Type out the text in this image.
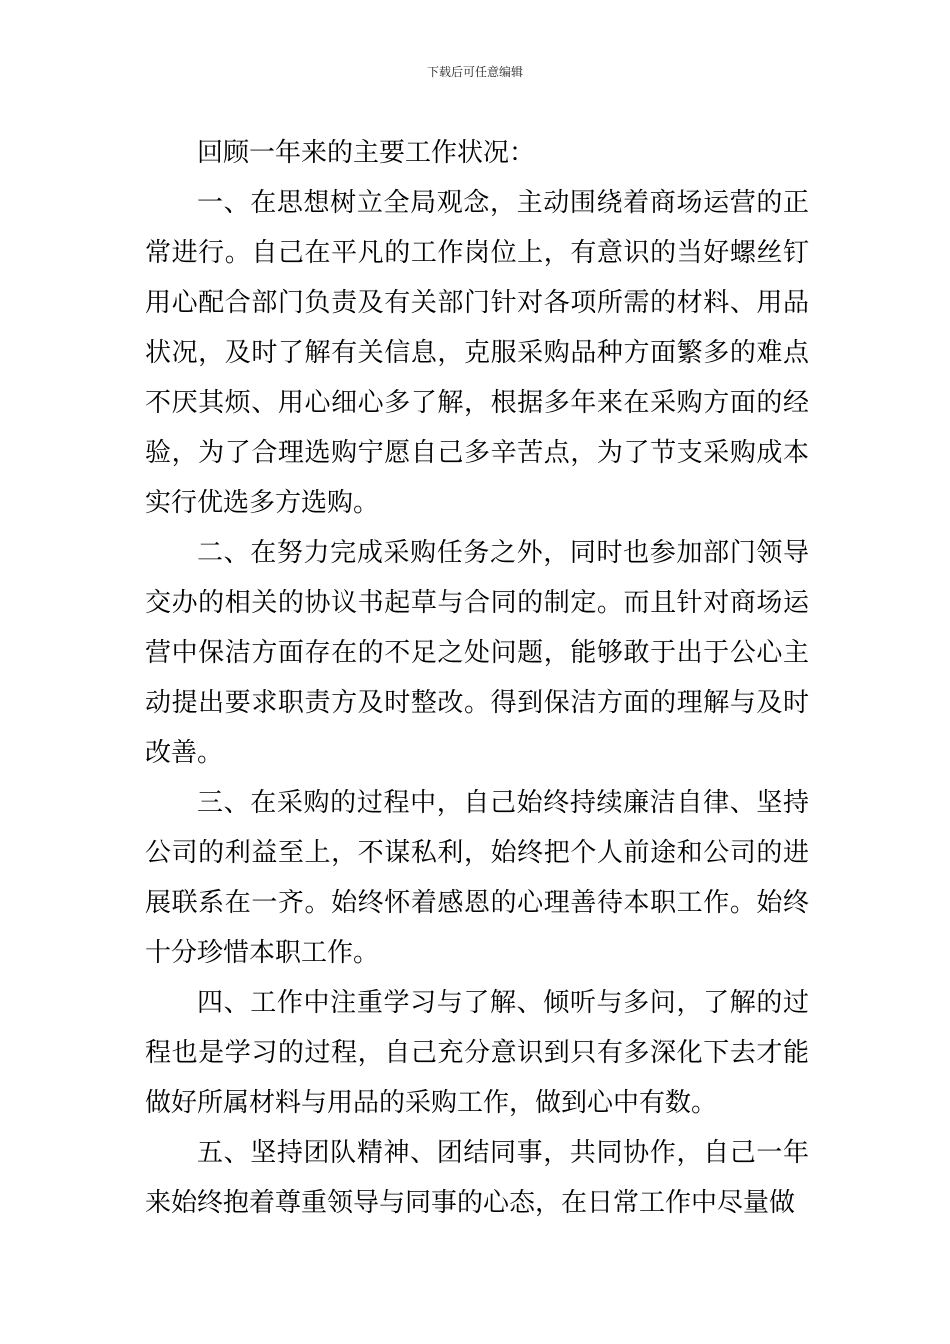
下载后可任意编辑

回顾一年来的主要工作状况：

一、在思想树立全局观念，主动围绕着商场运营的正常进行。自己在平凡的工作岗位上，有意识的当好螺丝钉用心配合部门负责及有关部门针对各项所需的材料、用品状况，及时了解有关信息，克服采购品种方面繁多的难点不厌其烦、用心细心多了解，根据多年来在采购方面的经验，为了合理选购宁愿自己多辛苦点，为了节支采购成本实行优选多方选购。

二、在努力完成采购任务之外，同时也参加部门领导交办的相关的协议书起草与合同的制定。而且针对商场运营中保洁方面存在的不足之处问题，能够敢于出于公心主动提出要求职责方及时整改。得到保洁方面的理解与及时改善。

三、在采购的过程中，自己始终持续廉洁自律、坚持公司的利益至上，不谋私利，始终把个人前途和公司的进展联系在一齐。始终怀着感恩的心理善待本职工作。始终十分珍惜本职工作。

四、工作中注重学习与了解、倾听与多问，了解的过程也是学习的过程，自己充分意识到只有多深化下去才能做好所属材料与用品的采购工作，做到心中有数。

五、坚持团队精神、团结同事，共同协作，自己一年来始终抱着尊重领导与同事的心态，在日常工作中尽量做
